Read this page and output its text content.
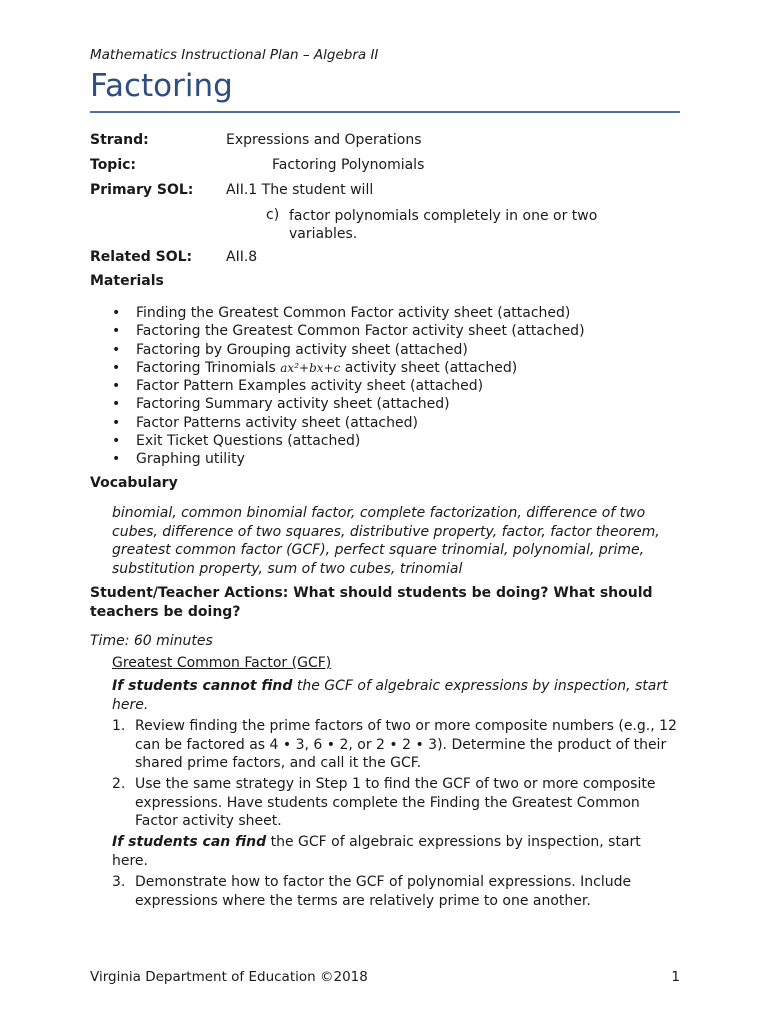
Mathematics Instructional Plan – Algebra II
Factoring
Strand:	Expressions and Operations
Topic:	Factoring Polynomials
Primary SOL: AII.1 The student will
c) factor polynomials completely in one or two variables.
Related SOL: AII.8
Materials
• Finding the Greatest Common Factor activity sheet (attached)
• Factoring the Greatest Common Factor activity sheet (attached)
• Factoring by Grouping activity sheet (attached)
• Factoring Trinomials ax²+bx+c activity sheet (attached)
• Factor Pattern Examples activity sheet (attached)
• Factoring Summary activity sheet (attached)
• Factor Patterns activity sheet (attached)
• Exit Ticket Questions (attached)
• Graphing utility
Vocabulary
binomial, common binomial factor, complete factorization, difference of two cubes, difference of two squares, distributive property, factor, factor theorem, greatest common factor (GCF), perfect square trinomial, polynomial, prime, substitution property, sum of two cubes, trinomial
Student/Teacher Actions: What should students be doing? What should teachers be doing?
Time: 60 minutes
Greatest Common Factor (GCF)
If students cannot find the GCF of algebraic expressions by inspection, start here.
1. Review finding the prime factors of two or more composite numbers (e.g., 12 can be factored as 4 • 3, 6 • 2, or 2 • 2 • 3). Determine the product of their shared prime factors, and call it the GCF.
2. Use the same strategy in Step 1 to find the GCF of two or more composite expressions. Have students complete the Finding the Greatest Common Factor activity sheet.
If students can find the GCF of algebraic expressions by inspection, start here.
3. Demonstrate how to factor the GCF of polynomial expressions. Include expressions where the terms are relatively prime to one another.
Virginia Department of Education ©2018	1
